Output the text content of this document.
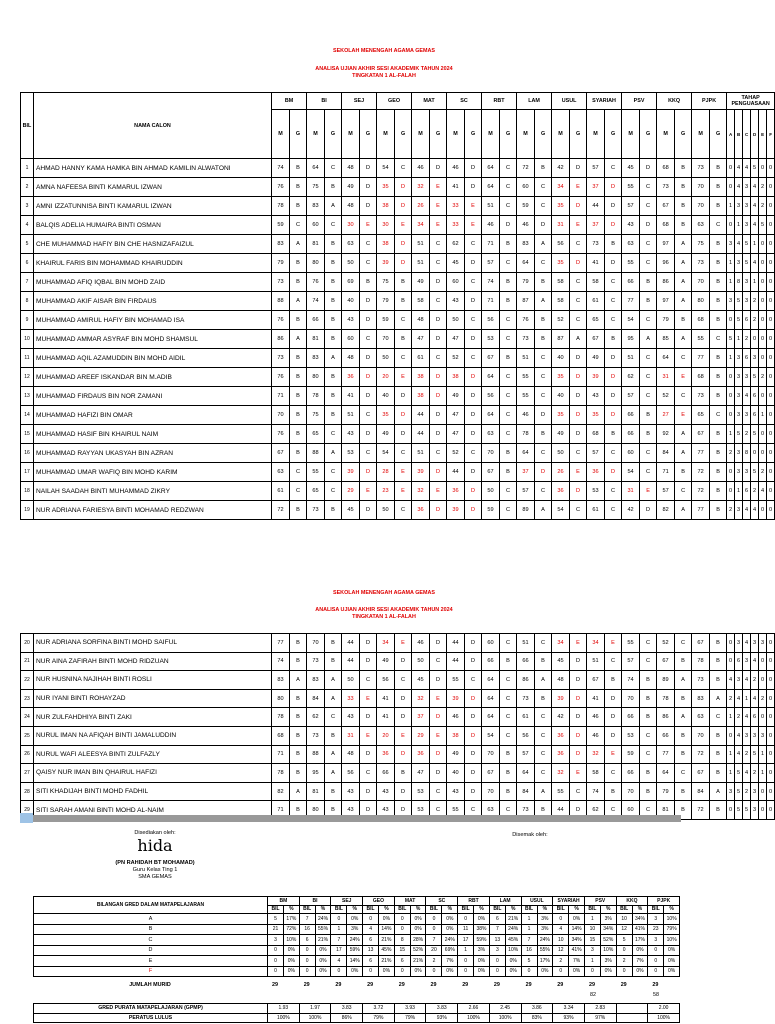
SEKOLAH MENENGAH AGAMA GEMAS
ANALISA UJIAN AKHIR SESI AKADEMIK TAHUN 2024
TINGKATAN 1 AL-FALAH
BIL	NAMA CALON	BM		BI		SEJ		GEO		MAT		SC		RBT		LAM		USUL		SYARIAH		PSV		KKQ		PJPK		TAHAP PENGUASAAN					
		M	G	M	G	M	G	M	G	M	G	M	G	M	G	M	G	M	G	M	G	M	G	M	G	M	G	A	B	C	D	E	F
1	AHMAD HANNY KAMA HAMKA BIN AHMAD KAMILIN ALWATONI	74	B	64	C	48	D	54	C	46	D	46	D	64	C	72	B	42	D	57	C	45	D	68	B	73	B	0	4	4	5	0	0
2	AMNA NAFEESA BINTI KAMARUL IZWAN	76	B	75	B	49	D	35	D	32	E	41	D	64	C	60	C	34	E	37	D	55	C	73	B	70	B	0	4	3	4	2	0
3	AMNI IZZATUNNISA BINTI KAMARUL IZWAN	78	B	83	A	48	D	38	D	26	E	33	E	51	C	59	C	35	D	44	D	57	C	67	B	70	B	1	3	3	4	2	0
4	BALQIS ADELIA HUMAIRA BINTI OSMAN	59	C	60	C	30	E	30	E	34	E	33	E	46	D	46	D	31	E	37	D	43	D	68	B	63	C	0	1	3	4	5	0
5	CHE MUHAMMAD HAFIY BIN CHE HASNIZAFAIZUL	83	A	81	B	63	C	38	D	51	C	62	C	71	B	83	A	56	C	73	B	63	C	97	A	75	B	3	4	5	1	0	0
6	KHAIRUL FARIS BIN MOHAMMAD KHAIRUDDIN	79	B	80	B	50	C	39	D	51	C	45	D	57	C	64	C	35	D	41	D	55	C	96	A	73	B	1	3	5	4	0	0
7	MUHAMMAD AFIQ IQBAL BIN MOHD ZAID	73	B	76	B	69	B	75	B	49	D	60	C	74	B	79	B	58	C	58	C	66	B	86	A	70	B	1	8	3	1	0	0
8	MUHAMMAD AKIF AISAR BIN FIRDAUS	88	A	74	B	40	D	79	B	58	C	43	D	71	B	87	A	58	C	61	C	77	B	97	A	80	B	3	5	3	2	0	0
9	MUHAMMAD AMIRUL HAFIY BIN MOHAMAD ISA	76	B	66	B	43	D	59	C	48	D	50	C	56	C	76	B	52	C	65	C	54	C	79	B	68	B	0	5	6	2	0	0
10	MUHAMMAD AMMAR ASYRAF BIN MOHD SHAMSUL	86	A	81	B	60	C	70	B	47	D	47	D	53	C	73	B	87	A	67	B	95	A	85	A	55	C	5	1	2	0	0	0
11	MUHAMMAD AQIL AZAMUDDIN BIN MOHD AIDIL	73	B	83	A	48	D	50	C	61	C	52	C	67	B	51	C	40	D	49	D	51	C	64	C	77	B	1	3	6	3	0	0
12	MUHAMMAD AREEF ISKANDAR BIN M.ADIB	76	B	80	B	36	D	20	E	38	D	38	D	64	C	55	C	35	D	39	D	62	C	31	E	68	B	0	3	3	5	2	0
13	MUHAMMAD FIRDAUS BIN NOR ZAMANI	71	B	78	B	41	D	40	D	38	D	49	D	56	C	55	C	40	D	43	D	57	C	52	C	73	B	0	3	4	6	0	0
14	MUHAMMAD HAFIZI BIN OMAR	70	B	75	B	51	C	35	D	44	D	47	D	64	C	46	D	35	D	35	D	66	B	27	E	65	C	0	3	3	6	1	0
15	MUHAMMAD HASIF BIN KHAIRUL NAIM	76	B	65	C	43	D	49	D	44	D	47	D	63	C	78	B	49	D	68	B	66	B	92	A	67	B	1	5	2	5	0	0
16	MUHAMMAD RAYYAN UKASYAH BIN AZRAN	67	B	88	A	53	C	54	C	51	C	52	C	70	B	64	C	50	C	57	C	60	C	84	A	77	B	2	3	8	0	0	0
17	MUHAMMAD UMAR WAFIQ BIN MOHD KARIM	63	C	55	C	39	D	28	E	39	D	44	D	67	B	37	D	26	E	36	D	54	C	71	B	72	B	0	3	3	5	2	0
18	NAILAH SAADAH BINTI MUHAMMAD ZIKRY	61	C	65	C	29	E	23	E	32	E	36	D	50	C	57	C	36	D	53	C	31	E	57	C	72	B	0	1	6	2	4	0
19	NUR ADRIANA FARIESYA BINTI MOHAMAD REDZWAN	72	B	73	B	45	D	50	C	36	D	39	D	59	C	89	A	54	C	61	C	42	D	82	A	77	B	2	3	4	4	0	0
SEKOLAH MENENGAH AGAMA GEMAS
ANALISA UJIAN AKHIR SESI AKADEMIK TAHUN 2024
TINGKATAN 1 AL-FALAH
20	NUR ADRIANA SORFINA BINTI MOHD SAIFUL	77	B	70	B	44	D	34	E	46	D	44	D	60	C	51	C	34	E	34	E	55	C	52	C	67	B	0	3	4	3	3	0
21	NUR AINA ZAFIRAH BINTI MOHD RIDZUAN	74	B	73	B	44	D	49	D	50	C	44	D	66	B	66	B	45	D	51	C	57	C	67	B	78	B	0	6	3	4	0	0
22	NUR HUSNINA NAJIHAH BINTI ROSLI	83	A	83	A	50	C	56	C	45	D	55	C	64	C	86	A	48	D	67	B	74	B	89	A	73	B	4	3	4	2	0	0
23	NUR IYANI BINTI ROHAYZAD	80	B	84	A	33	E	41	D	32	E	39	D	64	C	73	B	39	D	41	D	70	B	78	B	83	A	2	4	1	4	2	0
24	NUR ZULFAHDHIYA BINTI ZAKI	78	B	62	C	43	D	41	D	37	D	46	D	64	C	61	C	42	D	46	D	66	B	86	A	63	C	1	2	4	6	0	0
25	NURUL IMAN NA AFIQAH BINTI JAMALUDDIN	68	B	73	B	31	E	20	E	29	E	38	D	54	C	56	C	36	D	46	D	53	C	66	B	70	B	0	4	3	3	3	0
26	NURUL WAFI ALEESYA BINTI ZULFAZLY	71	B	88	A	48	D	36	D	36	D	49	D	70	B	57	C	36	D	32	E	59	C	77	B	72	B	1	4	2	5	1	0
27	QAISY NUR IMAN BIN QHAIRUL HAFIZI	78	B	95	A	56	C	66	B	47	D	40	D	67	B	64	C	32	E	58	C	66	B	64	C	67	B	1	5	4	2	1	0
28	SITI KHADIJAH BINTI MOHD FADHIL	82	A	81	B	43	D	43	D	53	C	43	D	70	B	84	A	55	C	74	B	70	B	79	B	84	A	3	5	2	3	0	0
29	SITI SARAH AMANI BINTI MOHD AL-NAIM	71	B	80	B	43	D	43	D	53	C	55	C	63	C	73	B	44	D	62	C	60	C	81	B	72	B	0	5	5	3	0	0
Disediakan oleh:
hida
(PN RAHIDAH BT MOHAMAD)
Guru Kelas Ting 1
SMA GEMAS
Disemak oleh:
BILANGAN GRED DALAM MATAPELAJARAN	BM		BI		SEJ		GEO		MAT		SC		RBT		LAM		USUL		SYARIAH		PSV		KKQ		PJPK	
	BIL	%	BIL	%	BIL	%	BIL	%	BIL	%	BIL	%	BIL	%	BIL	%	BIL	%	BIL	%	BIL	%	BIL	%	BIL	%
A	5	17%	7	24%	0	0%	0	0%	0	0%	0	0%	0	0%	6	21%	1	3%	0	0%	1	3%	10	34%	3	10%
B	21	72%	16	55%	1	3%	4	14%	0	0%	0	0%	11	38%	7	24%	1	3%	4	14%	10	34%	12	41%	23	79%
C	3	10%	6	21%	7	24%	6	21%	8	28%	7	24%	17	59%	13	45%	7	24%	10	34%	15	52%	5	17%	3	10%
D	0	0%	0	0%	17	59%	13	45%	15	52%	20	69%	1	3%	3	10%	16	55%	12	41%	3	10%	0	0%	0	0%
E	0	0%	0	0%	4	14%	6	21%	6	21%	2	7%	0	0%	0	0%	5	17%	2	7%	1	3%	2	7%	0	0%
F	0	0%	0	0%	0	0%	0	0%	0	0%	0	0%	0	0%	0	0%	0	0%	0	0%	0	0%	0	0%	0	0%
JUMLAH MURID	29	29	29	29	29	29	29	29	29	29	29	29	29
82	58
GRED PURATA MATAPELAJARAN (GPMP)	1.93	1.97	3.83	3.72	3.93	3.83	2.66	2.45	3.86	3.34	2.83		2.00
PERATUS LULUS	100%	100%	86%	79%	79%	93%	100%	100%	83%	93%	97%		100%
